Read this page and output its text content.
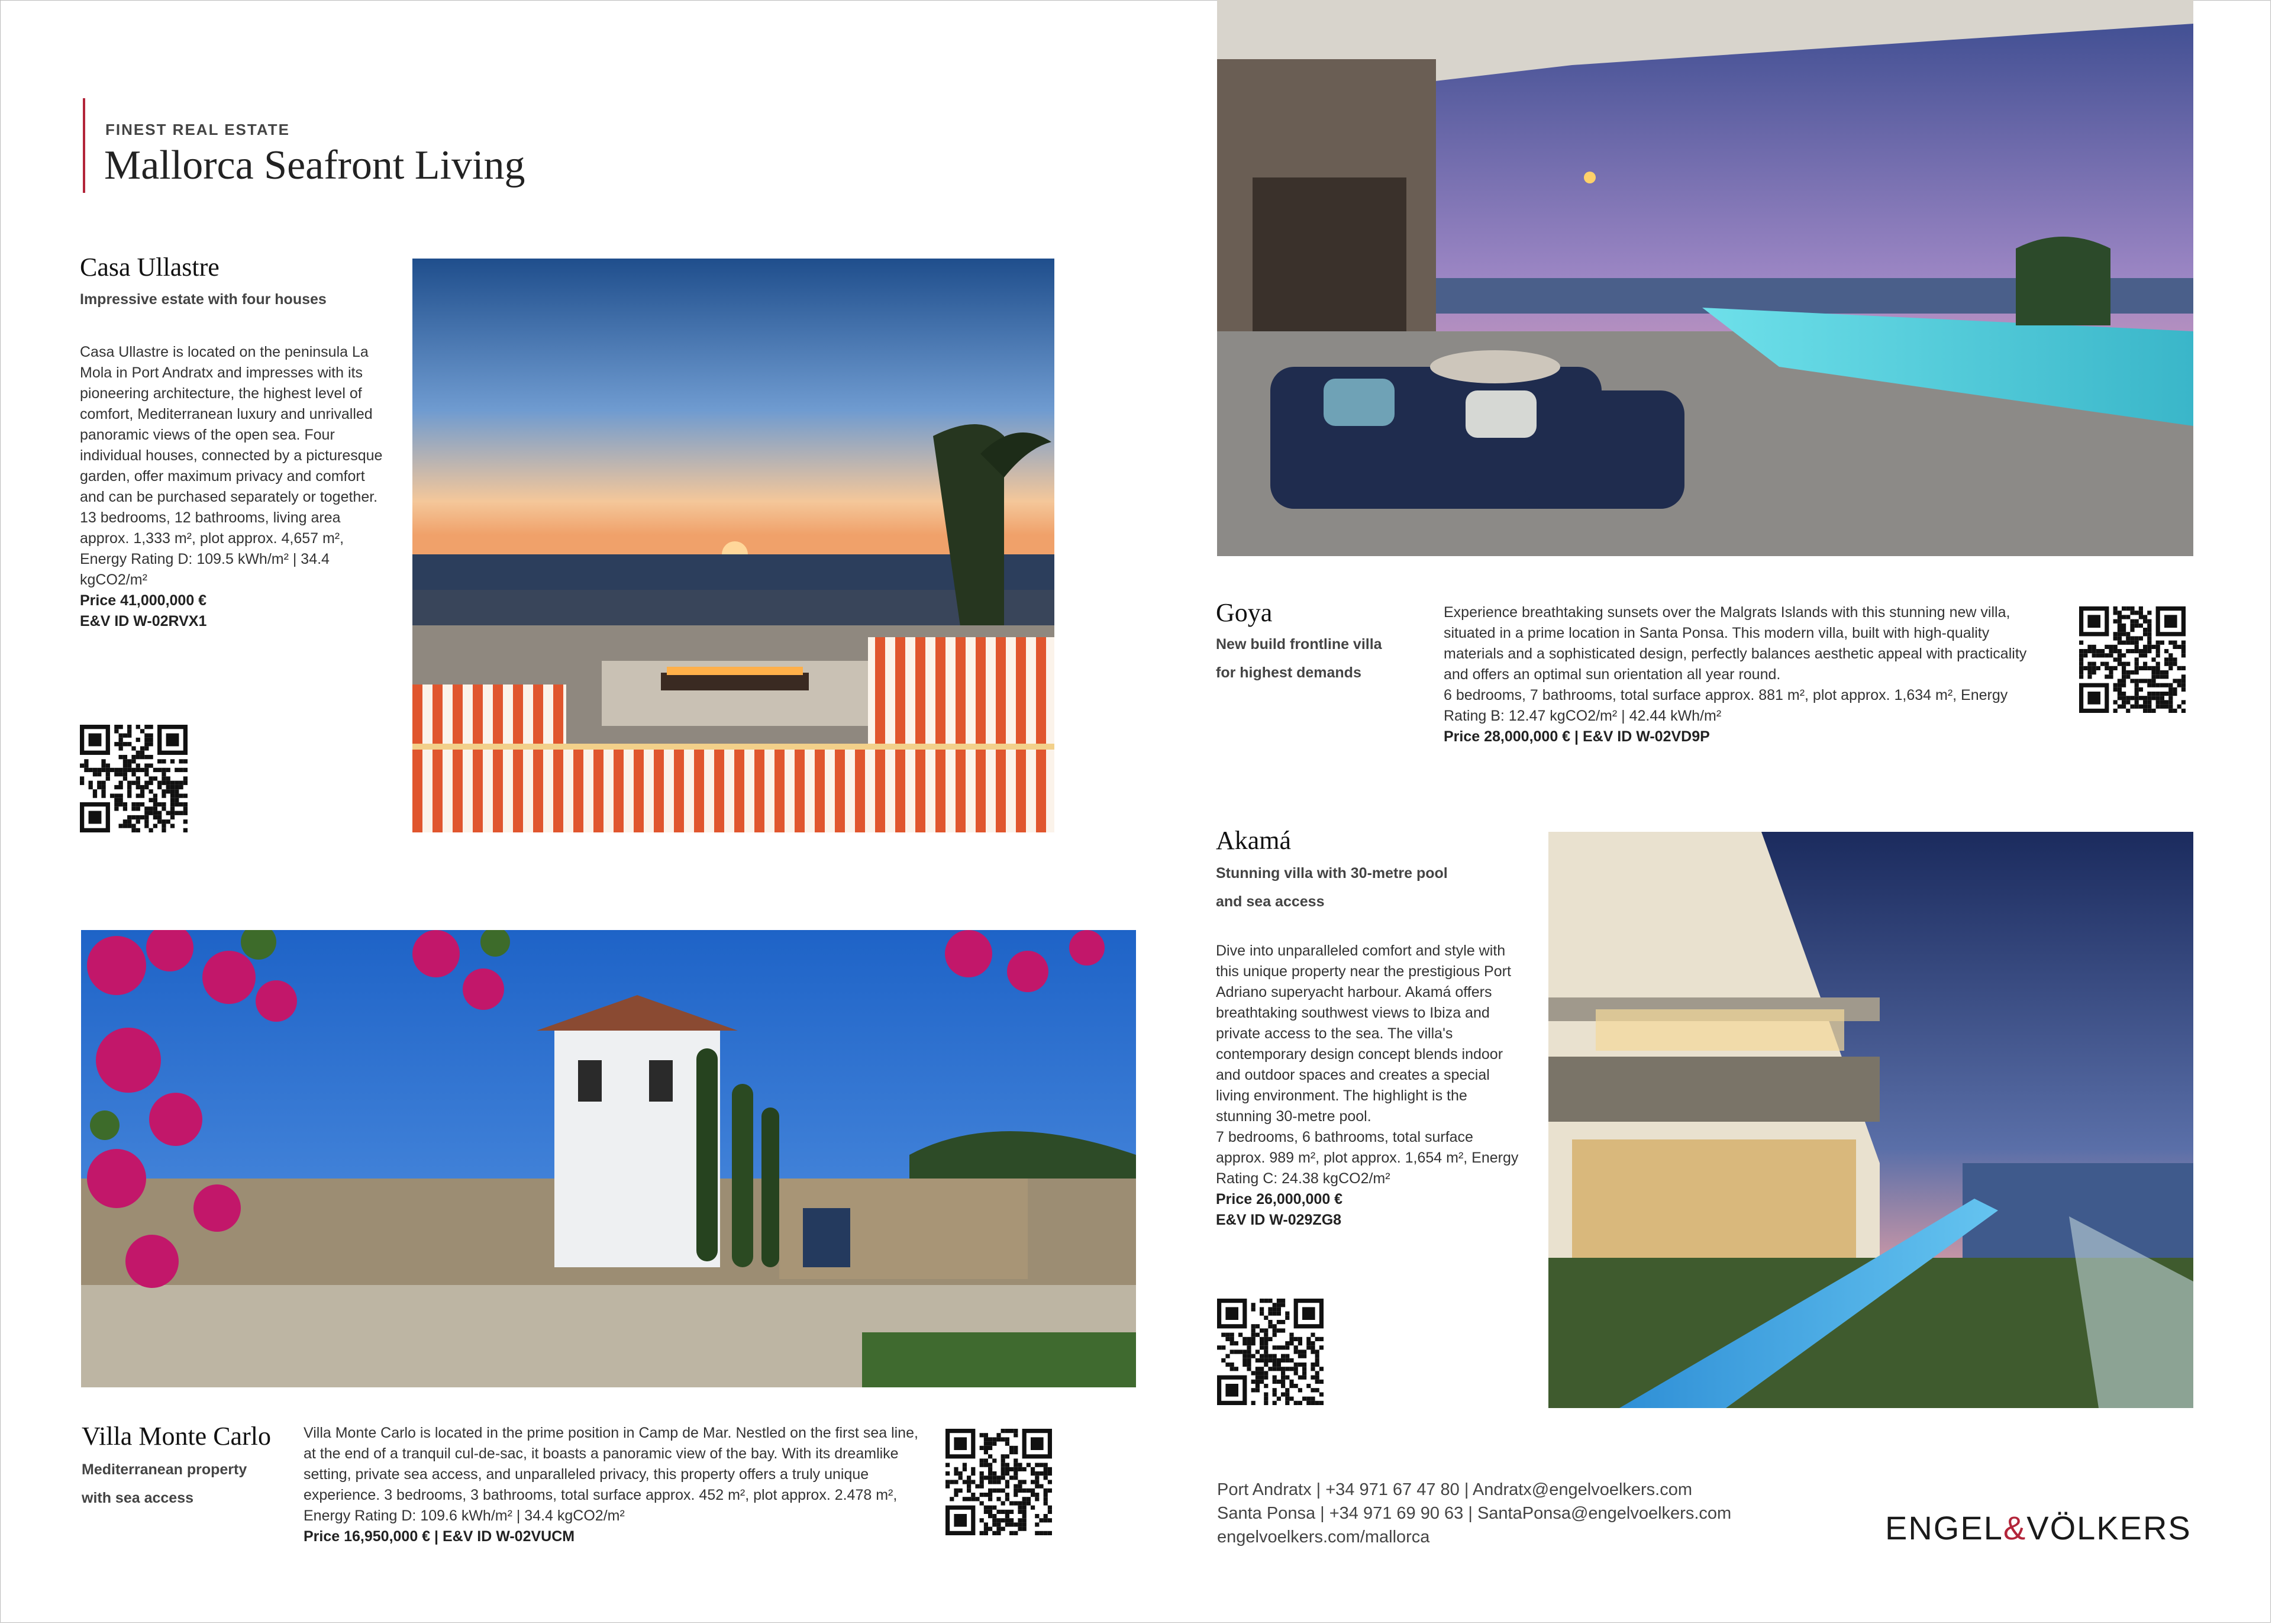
FINEST REAL ESTATE
Mallorca Seafront Living
Casa Ullastre
Impressive estate with four houses

Casa Ullastre is located on the peninsula La Mola in Port Andratx and impresses with its pioneering architecture, the highest level of comfort, Mediterranean luxury and unrivalled panoramic views of the open sea. Four individual houses, connected by a picturesque garden, offer maximum privacy and comfort and can be purchased separately or together.

13 bedrooms, 12 bathrooms, living area approx. 1,333 m², plot approx. 4,657 m², Energy Rating D: 109.5 kWh/m² | 34.4 kgCO2/m²

Price 41,000,000 €

E&V ID W-02RVX1	Goya
New build frontline villa
for highest demands

Experience breathtaking sunsets over the Malgrats Islands with this stunning new villa, situated in a prime location in Santa Ponsa. This modern villa, built with high-quality materials and a sophisticated design, perfectly balances aesthetic appeal with practicality and offers an optimal sun orientation all year round.

6 bedrooms, 7 bathrooms, total surface approx. 881 m², plot approx. 1,634 m², Energy Rating B: 12.47 kgCO2/m² | 42.44 kWh/m²

Price 28,000,000 € | E&V ID W-02VD9P

Akamá
Stunning villa with 30-metre pool
and sea access

Dive into unparalleled comfort and style with this unique property near the prestigious Port Adriano superyacht harbour. Akamá offers breathtaking southwest views to Ibiza and private access to the sea. The villa's contemporary design concept blends indoor and outdoor spaces and creates a special living environment. The highlight is the stunning 30-metre pool.

7 bedrooms, 6 bathrooms, total surface approx. 989 m², plot approx. 1,654 m², Energy Rating C: 24.38 kgCO2/m²

Price 26,000,000 €

E&V ID W-029ZG8

Villa Monte Carlo
Mediterranean property
with sea access

Villa Monte Carlo is located in the prime position in Camp de Mar. Nestled on the first sea line, at the end of a tranquil cul-de-sac, it boasts a panoramic view of the bay. With its dreamlike setting, private sea access, and unparalleled privacy, this property offers a truly unique experience. 3 bedrooms, 3 bathrooms, total surface approx. 452 m², plot approx. 2.478 m², Energy Rating D: 109.6 kWh/m² | 34.4 kgCO2/m²

Price 16,950,000 € | E&V ID W-02VUCM

Port Andratx | +34 971 67 47 80 | Andratx@engelvoelkers.com
Santa Ponsa | +34 971 69 90 63 | SantaPonsa@engelvoelkers.com
engelvoelkers.com/mallorca	ENGEL&VÖLKERS
